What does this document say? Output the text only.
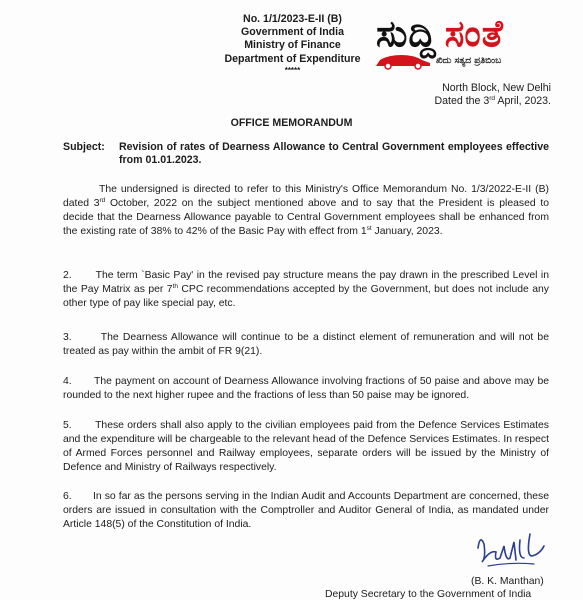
No. 1/1/2023-E-II (B)
Government of India
Ministry of Finance
Department of Expenditure
*****
ಸುದ್ದಿ ಸಂತೆ
ಖಿದು ಸತ್ಯದ ಪ್ರತಿಬಿಂಬ
North Block, New Delhi
Dated the 3rd April, 2023.
OFFICE MEMORANDUM
Subject: Revision of rates of Dearness Allowance to Central Government employees effective from 01.01.2023.
The undersigned is directed to refer to this Ministry's Office Memorandum No. 1/3/2022-E-II (B) dated 3rd October, 2022 on the subject mentioned above and to say that the President is pleased to decide that the Dearness Allowance payable to Central Government employees shall be enhanced from the existing rate of 38% to 42% of the Basic Pay with effect from 1st January, 2023.
2. The term `Basic Pay' in the revised pay structure means the pay drawn in the prescribed Level in the Pay Matrix as per 7th CPC recommendations accepted by the Government, but does not include any other type of pay like special pay, etc.
3.	The Dearness Allowance will continue to be a distinct element of remuneration and will not be treated as pay within the ambit of FR 9(21).
4. The payment on account of Dearness Allowance involving fractions of 50 paise and above may be rounded to the next higher rupee and the fractions of less than 50 paise may be ignored.
5. These orders shall also apply to the civilian employees paid from the Defence Services Estimates and the expenditure will be chargeable to the relevant head of the Defence Services Estimates. In respect of Armed Forces personnel and Railway employees, separate orders will be issued by the Ministry of Defence and Ministry of Railways respectively.
6. In so far as the persons serving in the Indian Audit and Accounts Department are concerned, these orders are issued in consultation with the Comptroller and Auditor General of India, as mandated under Article 148(5) of the Constitution of India.
(B. K. Manthan)
Deputy Secretary to the Government of India
